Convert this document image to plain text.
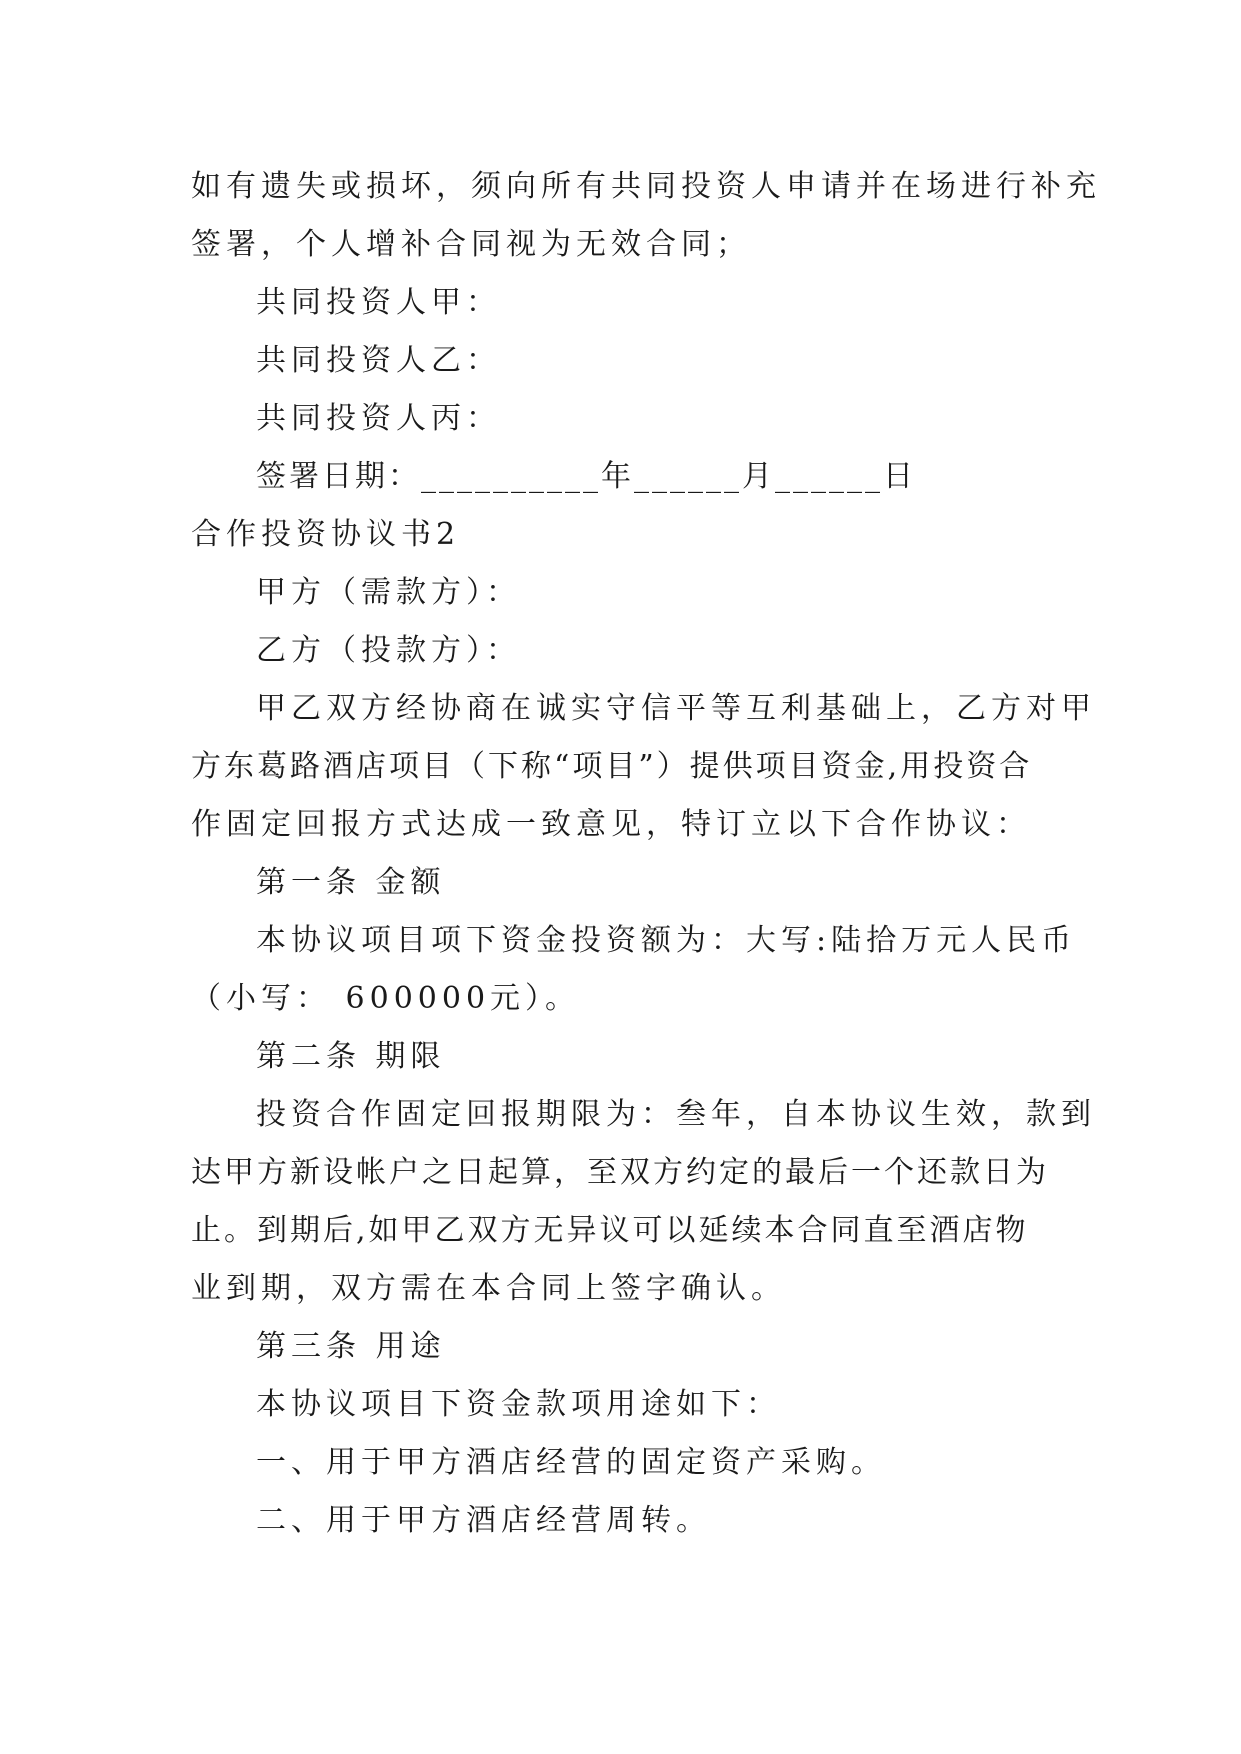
如有遗失或损坏，须向所有共同投资人申请并在场进行补充
签署，个人增补合同视为无效合同；
共同投资人甲：
共同投资人乙：
共同投资人丙：
签署日期：__________年______月______日
合作投资协议书2
甲方（需款方）：
乙方（投款方）：
甲乙双方经协商在诚实守信平等互利基础上，乙方对甲
方东葛路酒店项目（下称“项目”）提供项目资金,用投资合
作固定回报方式达成一致意见，特订立以下合作协议：
第一条 金额
本协议项目项下资金投资额为：大写:陆拾万元人民币
（小写： 600000元）。
第二条 期限
投资合作固定回报期限为：叁年，自本协议生效，款到
达甲方新设帐户之日起算，至双方约定的最后一个还款日为
止。到期后,如甲乙双方无异议可以延续本合同直至酒店物
业到期，双方需在本合同上签字确认。
第三条 用途
本协议项目下资金款项用途如下：
一、用于甲方酒店经营的固定资产采购。
二、用于甲方酒店经营周转。
